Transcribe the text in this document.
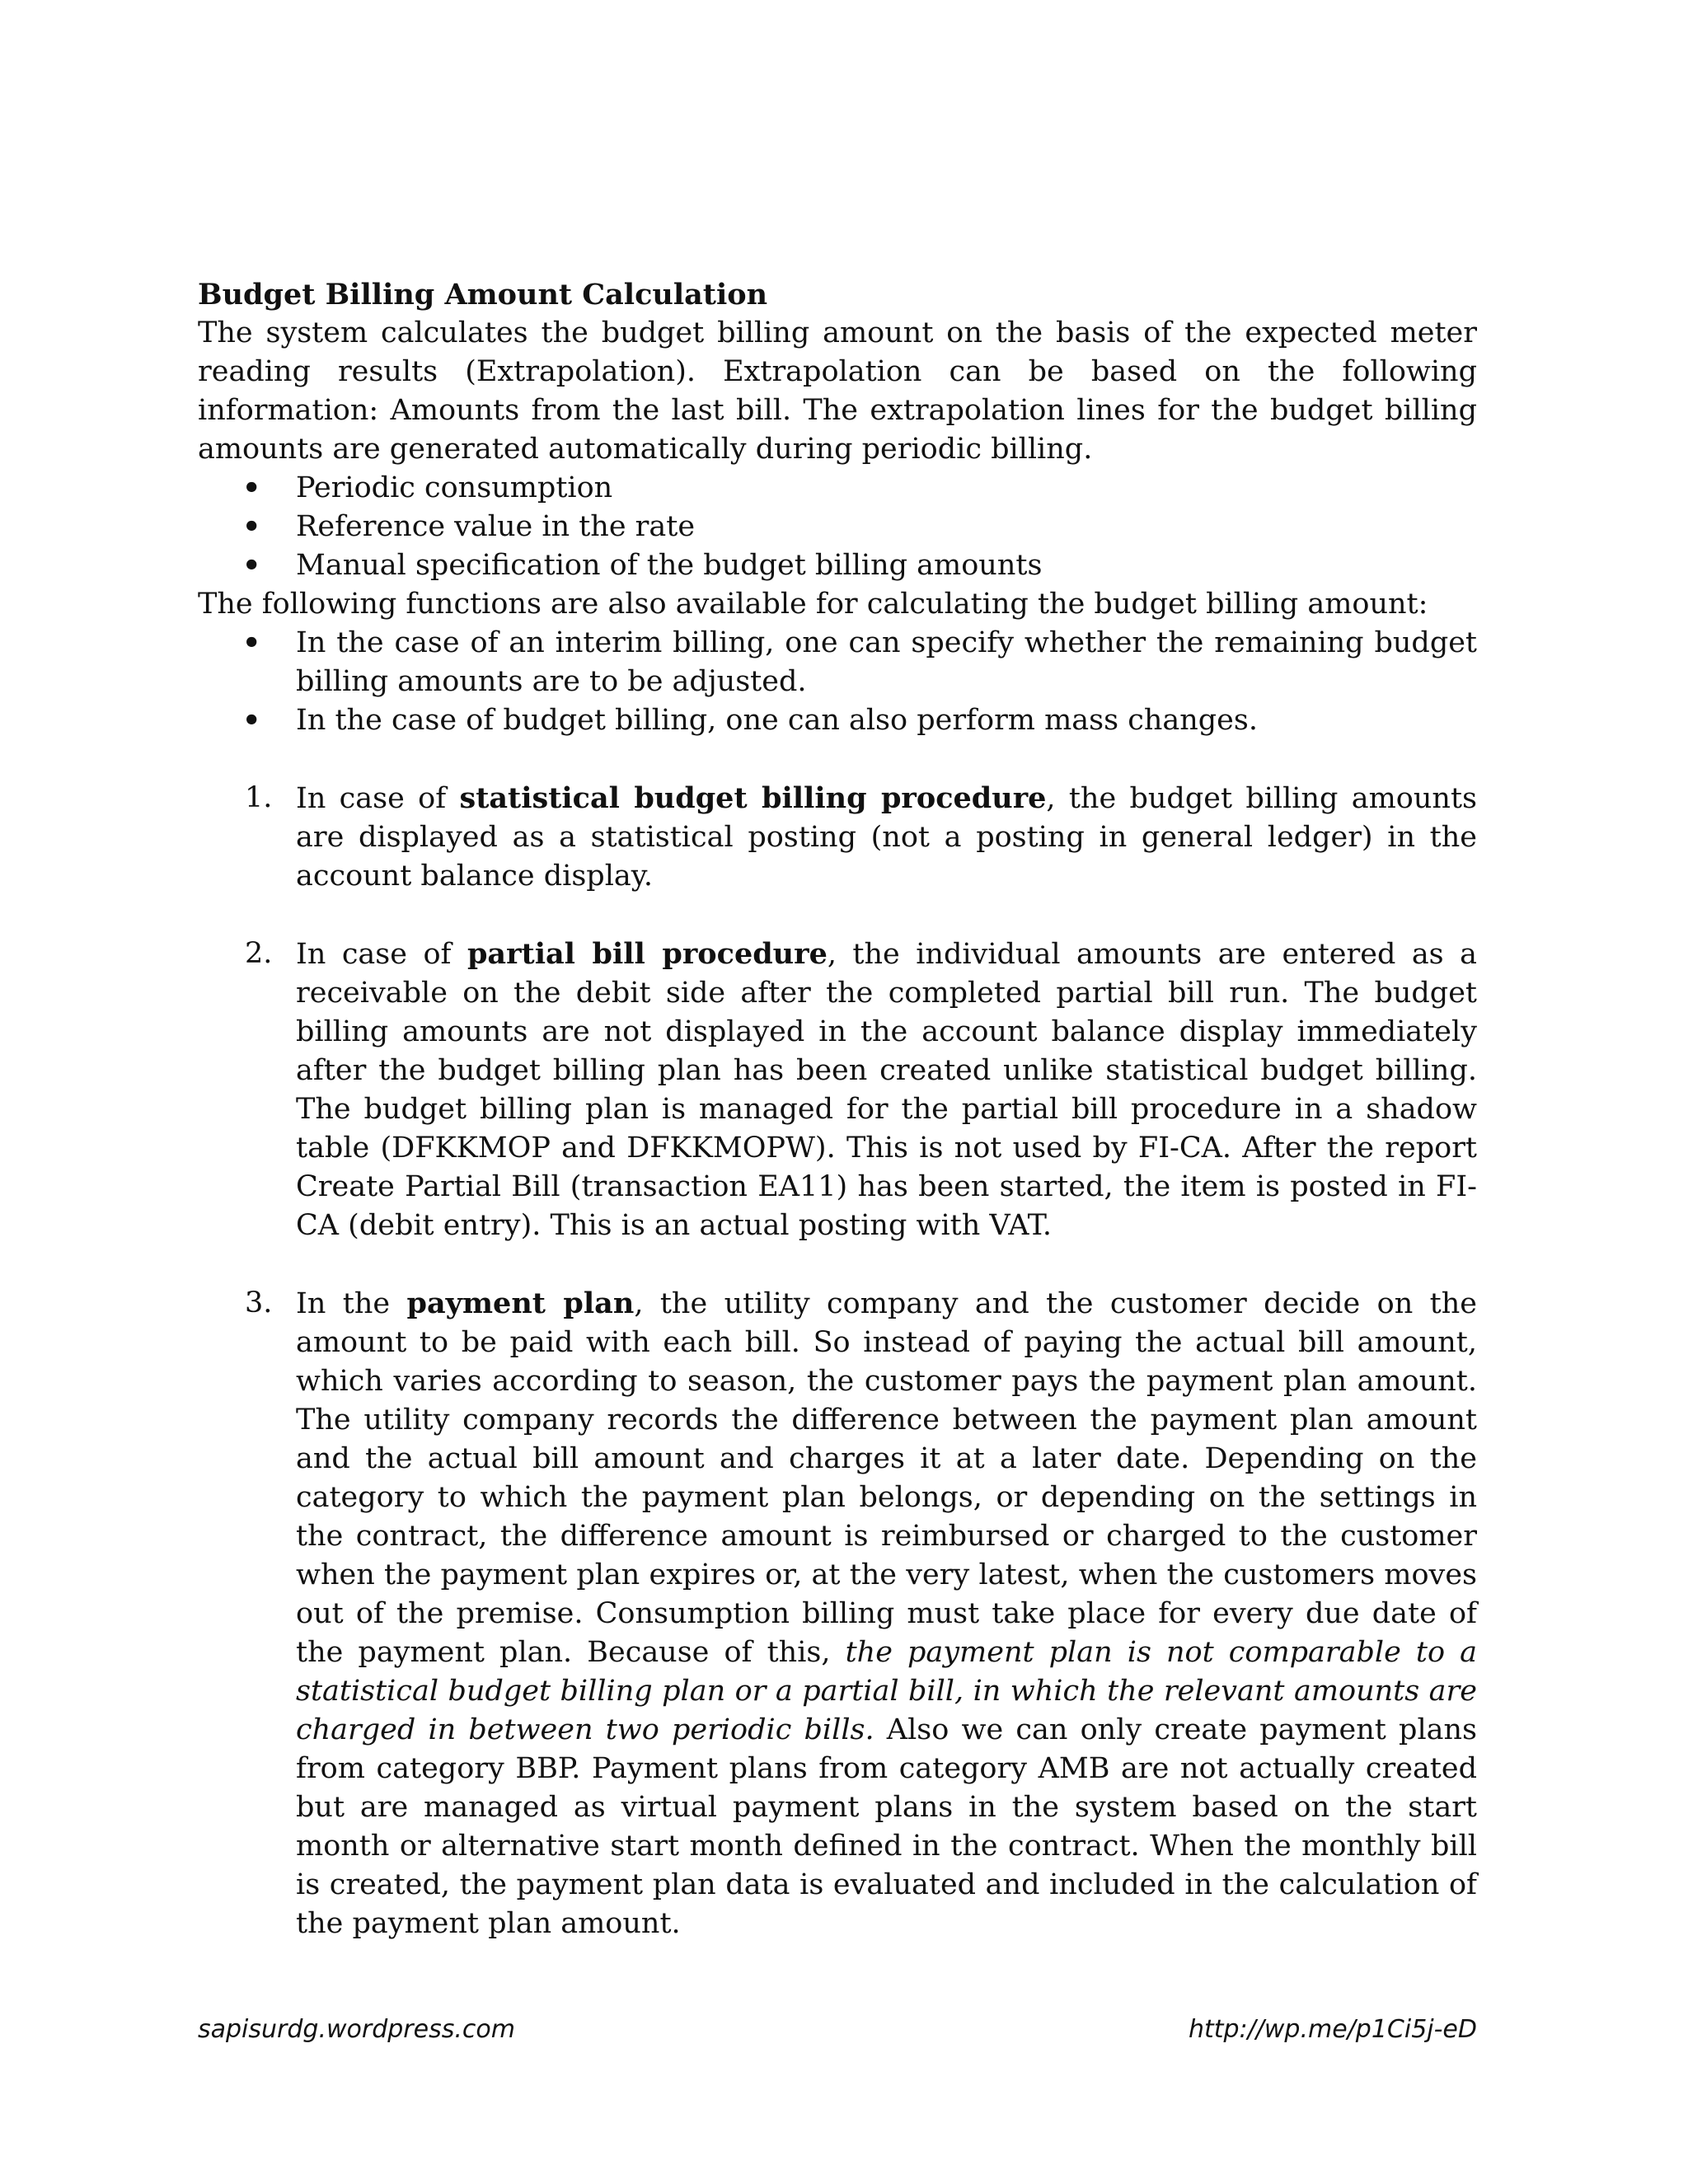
Budget Billing Amount Calculation

The system calculates the budget billing amount on the basis of the expected meter reading results (Extrapolation). Extrapolation can be based on the following information: Amounts from the last bill. The extrapolation lines for the budget billing amounts are generated automatically during periodic billing.

• Periodic consumption
• Reference value in the rate
• Manual specification of the budget billing amounts

The following functions are also available for calculating the budget billing amount:

• In the case of an interim billing, one can specify whether the remaining budget billing amounts are to be adjusted.
• In the case of budget billing, one can also perform mass changes.
1. In case of statistical budget billing procedure, the budget billing amounts are displayed as a statistical posting (not a posting in general ledger) in the account balance display.
2. In case of partial bill procedure, the individual amounts are entered as a receivable on the debit side after the completed partial bill run. The budget billing amounts are not displayed in the account balance display immediately after the budget billing plan has been created unlike statistical budget billing. The budget billing plan is managed for the partial bill procedure in a shadow table (DFKKMOP and DFKKMOPW). This is not used by FI-CA. After the report Create Partial Bill (transaction EA11) has been started, the item is posted in FI-CA (debit entry). This is an actual posting with VAT.
3. In the payment plan, the utility company and the customer decide on the amount to be paid with each bill. So instead of paying the actual bill amount, which varies according to season, the customer pays the payment plan amount. The utility company records the difference between the payment plan amount and the actual bill amount and charges it at a later date. Depending on the category to which the payment plan belongs, or depending on the settings in the contract, the difference amount is reimbursed or charged to the customer when the payment plan expires or, at the very latest, when the customers moves out of the premise. Consumption billing must take place for every due date of the payment plan. Because of this, the payment plan is not comparable to a statistical budget billing plan or a partial bill, in which the relevant amounts are charged in between two periodic bills. Also we can only create payment plans from category BBP. Payment plans from category AMB are not actually created but are managed as virtual payment plans in the system based on the start month or alternative start month defined in the contract. When the monthly bill is created, the payment plan data is evaluated and included in the calculation of the payment plan amount.
sapisurdg.wordpress.com	http://wp.me/p1Ci5j-eD
